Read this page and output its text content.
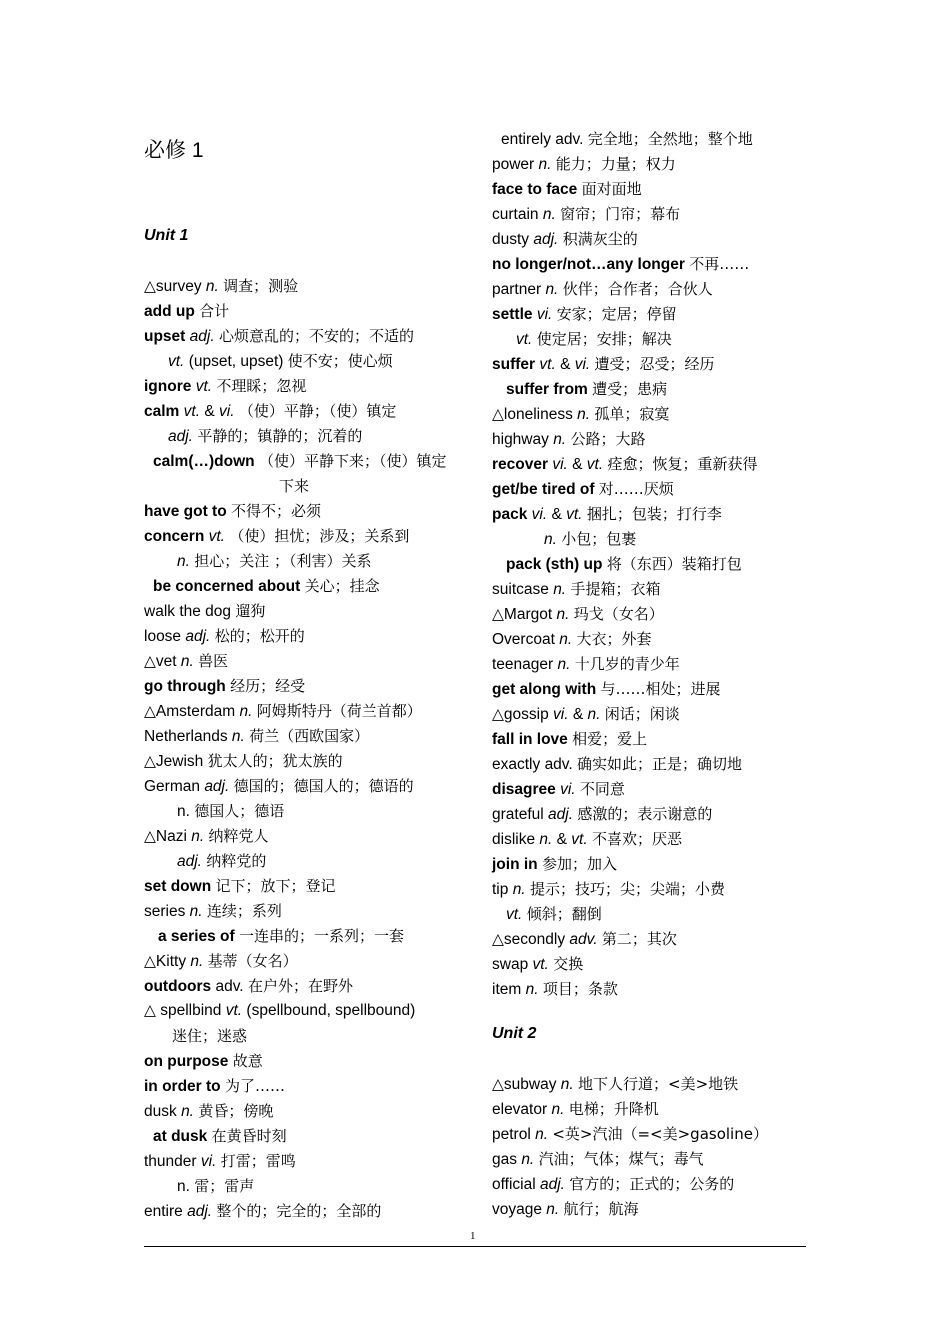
必修 1
Unit 1
△survey n. 调查；测验
add up 合计
upset adj. 心烦意乱的；不安的；不适的
vt. (upset, upset) 使不安；使心烦
ignore vt. 不理睬；忽视
calm vt. & vi. （使）平静；（使）镇定
adj. 平静的；镇静的；沉着的
calm(…)down （使）平静下来；（使）镇定
下来
have got to 不得不；必须
concern vt. （使）担忧；涉及；关系到
n. 担心；关注 ；（利害）关系
be concerned about 关心；挂念
walk the dog 遛狗
loose adj. 松的；松开的
△vet n. 兽医
go through 经历；经受
△Amsterdam n. 阿姆斯特丹（荷兰首都）
Netherlands n. 荷兰（西欧国家）
△Jewish 犹太人的；犹太族的
German adj. 德国的；德国人的；德语的
n. 德国人；德语
△Nazi n. 纳粹党人
adj. 纳粹党的
set down 记下；放下；登记
series n. 连续；系列
a series of 一连串的；一系列；一套
△Kitty n. 基蒂（女名）
outdoors adv. 在户外；在野外
△ spellbind vt. (spellbound, spellbound)
迷住；迷惑
on purpose 故意
in order to 为了……
dusk n. 黄昏；傍晚
at dusk 在黄昏时刻
thunder vi. 打雷；雷鸣
n. 雷；雷声
entire adj. 整个的；完全的；全部的
entirely adv. 完全地；全然地；整个地
power n. 能力；力量；权力
face to face 面对面地
curtain n. 窗帘；门帘；幕布
dusty adj. 积满灰尘的
no longer/not…any longer 不再……
partner n. 伙伴；合作者；合伙人
settle vi. 安家；定居；停留
vt. 使定居；安排；解决
suffer vt. & vi. 遭受；忍受；经历
suffer from 遭受；患病
△loneliness n. 孤单；寂寞
highway n. 公路；大路
recover vi. & vt. 痊愈；恢复；重新获得
get/be tired of 对……厌烦
pack vi. & vt. 捆扎；包装；打行李
n. 小包；包裹
pack (sth) up 将（东西）装箱打包
suitcase n. 手提箱；衣箱
△Margot n. 玛戈（女名）
Overcoat n. 大衣；外套
teenager n. 十几岁的青少年
get along with 与……相处；进展
△gossip vi. & n. 闲话；闲谈
fall in love 相爱；爱上
exactly adv. 确实如此；正是；确切地
disagree vi. 不同意
grateful adj. 感激的；表示谢意的
dislike n. & vt. 不喜欢；厌恶
join in 参加；加入
tip n. 提示；技巧；尖；尖端；小费
vt. 倾斜；翻倒
△secondly adv. 第二；其次
swap vt. 交换
item n. 项目；条款
Unit 2
△subway n. 地下人行道；<美>地铁
elevator n. 电梯；升降机
petrol n. <英>汽油（=<美>gasoline）
gas n. 汽油；气体；煤气；毒气
official adj. 官方的；正式的；公务的
voyage n. 航行；航海
1
